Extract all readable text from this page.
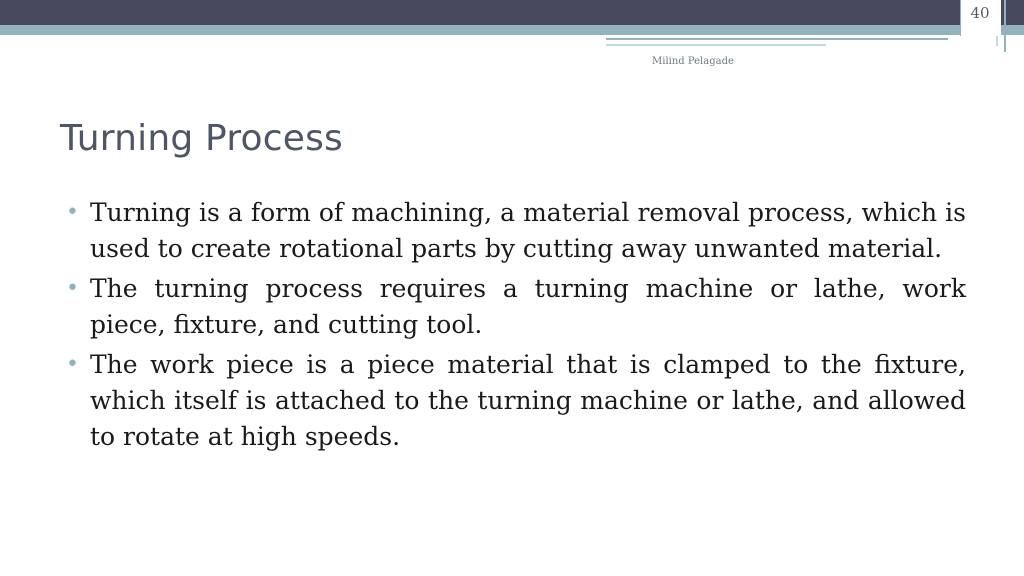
40
Milind Pelagade
Turning Process
• Turning is a form of machining, a material removal process, which is used to create rotational parts by cutting away unwanted material.
• The turning process requires a turning machine or lathe, work piece, fixture, and cutting tool.
• The work piece is a piece material that is clamped to the fixture, which itself is attached to the turning machine or lathe, and allowed to rotate at high speeds.
